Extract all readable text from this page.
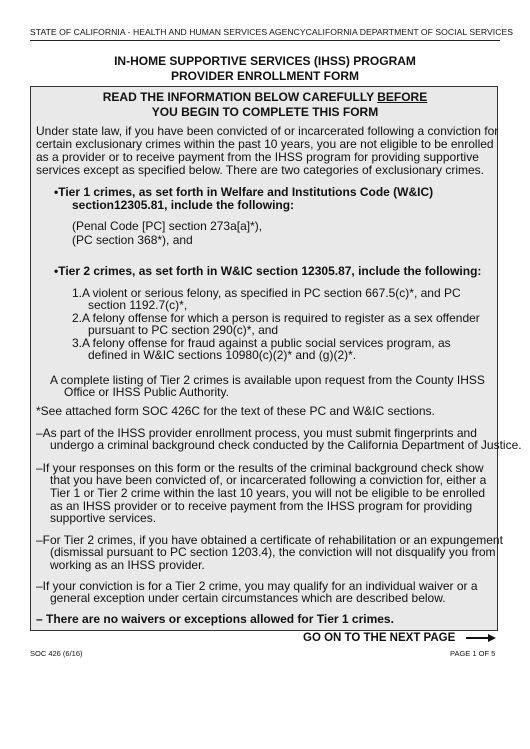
STATE OF CALIFORNIA - HEALTH AND HUMAN SERVICES AGENCYCALIFORNIA DEPARTMENT OF SOCIAL SERVICES
IN-HOME SUPPORTIVE SERVICES (IHSS) PROGRAM
PROVIDER ENROLLMENT FORM
READ THE INFORMATION BELOW CAREFULLY BEFORE
YOU BEGIN TO COMPLETE THIS FORM
Under state law, if you have been convicted of or incarcerated following a conviction for
certain exclusionary crimes within the past 10 years, you are not eligible to be enrolled
as a provider or to receive payment from the IHSS program for providing supportive
services except as specified below. There are two categories of exclusionary crimes.
•Tier 1 crimes, as set forth in Welfare and Institutions Code (W&IC)
section12305.81, include the following:
(Penal Code [PC] section 273a[a]*),
(PC section 368*), and
•Tier 2 crimes, as set forth in W&IC section 12305.87, include the following:
1.A violent or serious felony, as specified in PC section 667.5(c)*, and PC
section 1192.7(c)*,
2.A felony offense for which a person is required to register as a sex offender
pursuant to PC section 290(c)*, and
3.A felony offense for fraud against a public social services program, as
defined in W&IC sections 10980(c)(2)* and (g)(2)*.
A complete listing of Tier 2 crimes is available upon request from the County IHSS
Office or IHSS Public Authority.
*See attached form SOC 426C for the text of these PC and W&IC sections.
–As part of the IHSS provider enrollment process, you must submit fingerprints and
undergo a criminal background check conducted by the California Department of Justice.
–If your responses on this form or the results of the criminal background check show
that you have been convicted of, or incarcerated following a conviction for, either a
Tier 1 or Tier 2 crime within the last 10 years, you will not be eligible to be enrolled
as an IHSS provider or to receive payment from the IHSS program for providing
supportive services.
–For Tier 2 crimes, if you have obtained a certificate of rehabilitation or an expungement
(dismissal pursuant to PC section 1203.4), the conviction will not disqualify you from
working as an IHSS provider.
–If your conviction is for a Tier 2 crime, you may qualify for an individual waiver or a
general exception under certain circumstances which are described below.
– There are no waivers or exceptions allowed for Tier 1 crimes.
GO ON TO THE NEXT PAGE
SOC 426 (6/16)	PAGE 1 OF 5
